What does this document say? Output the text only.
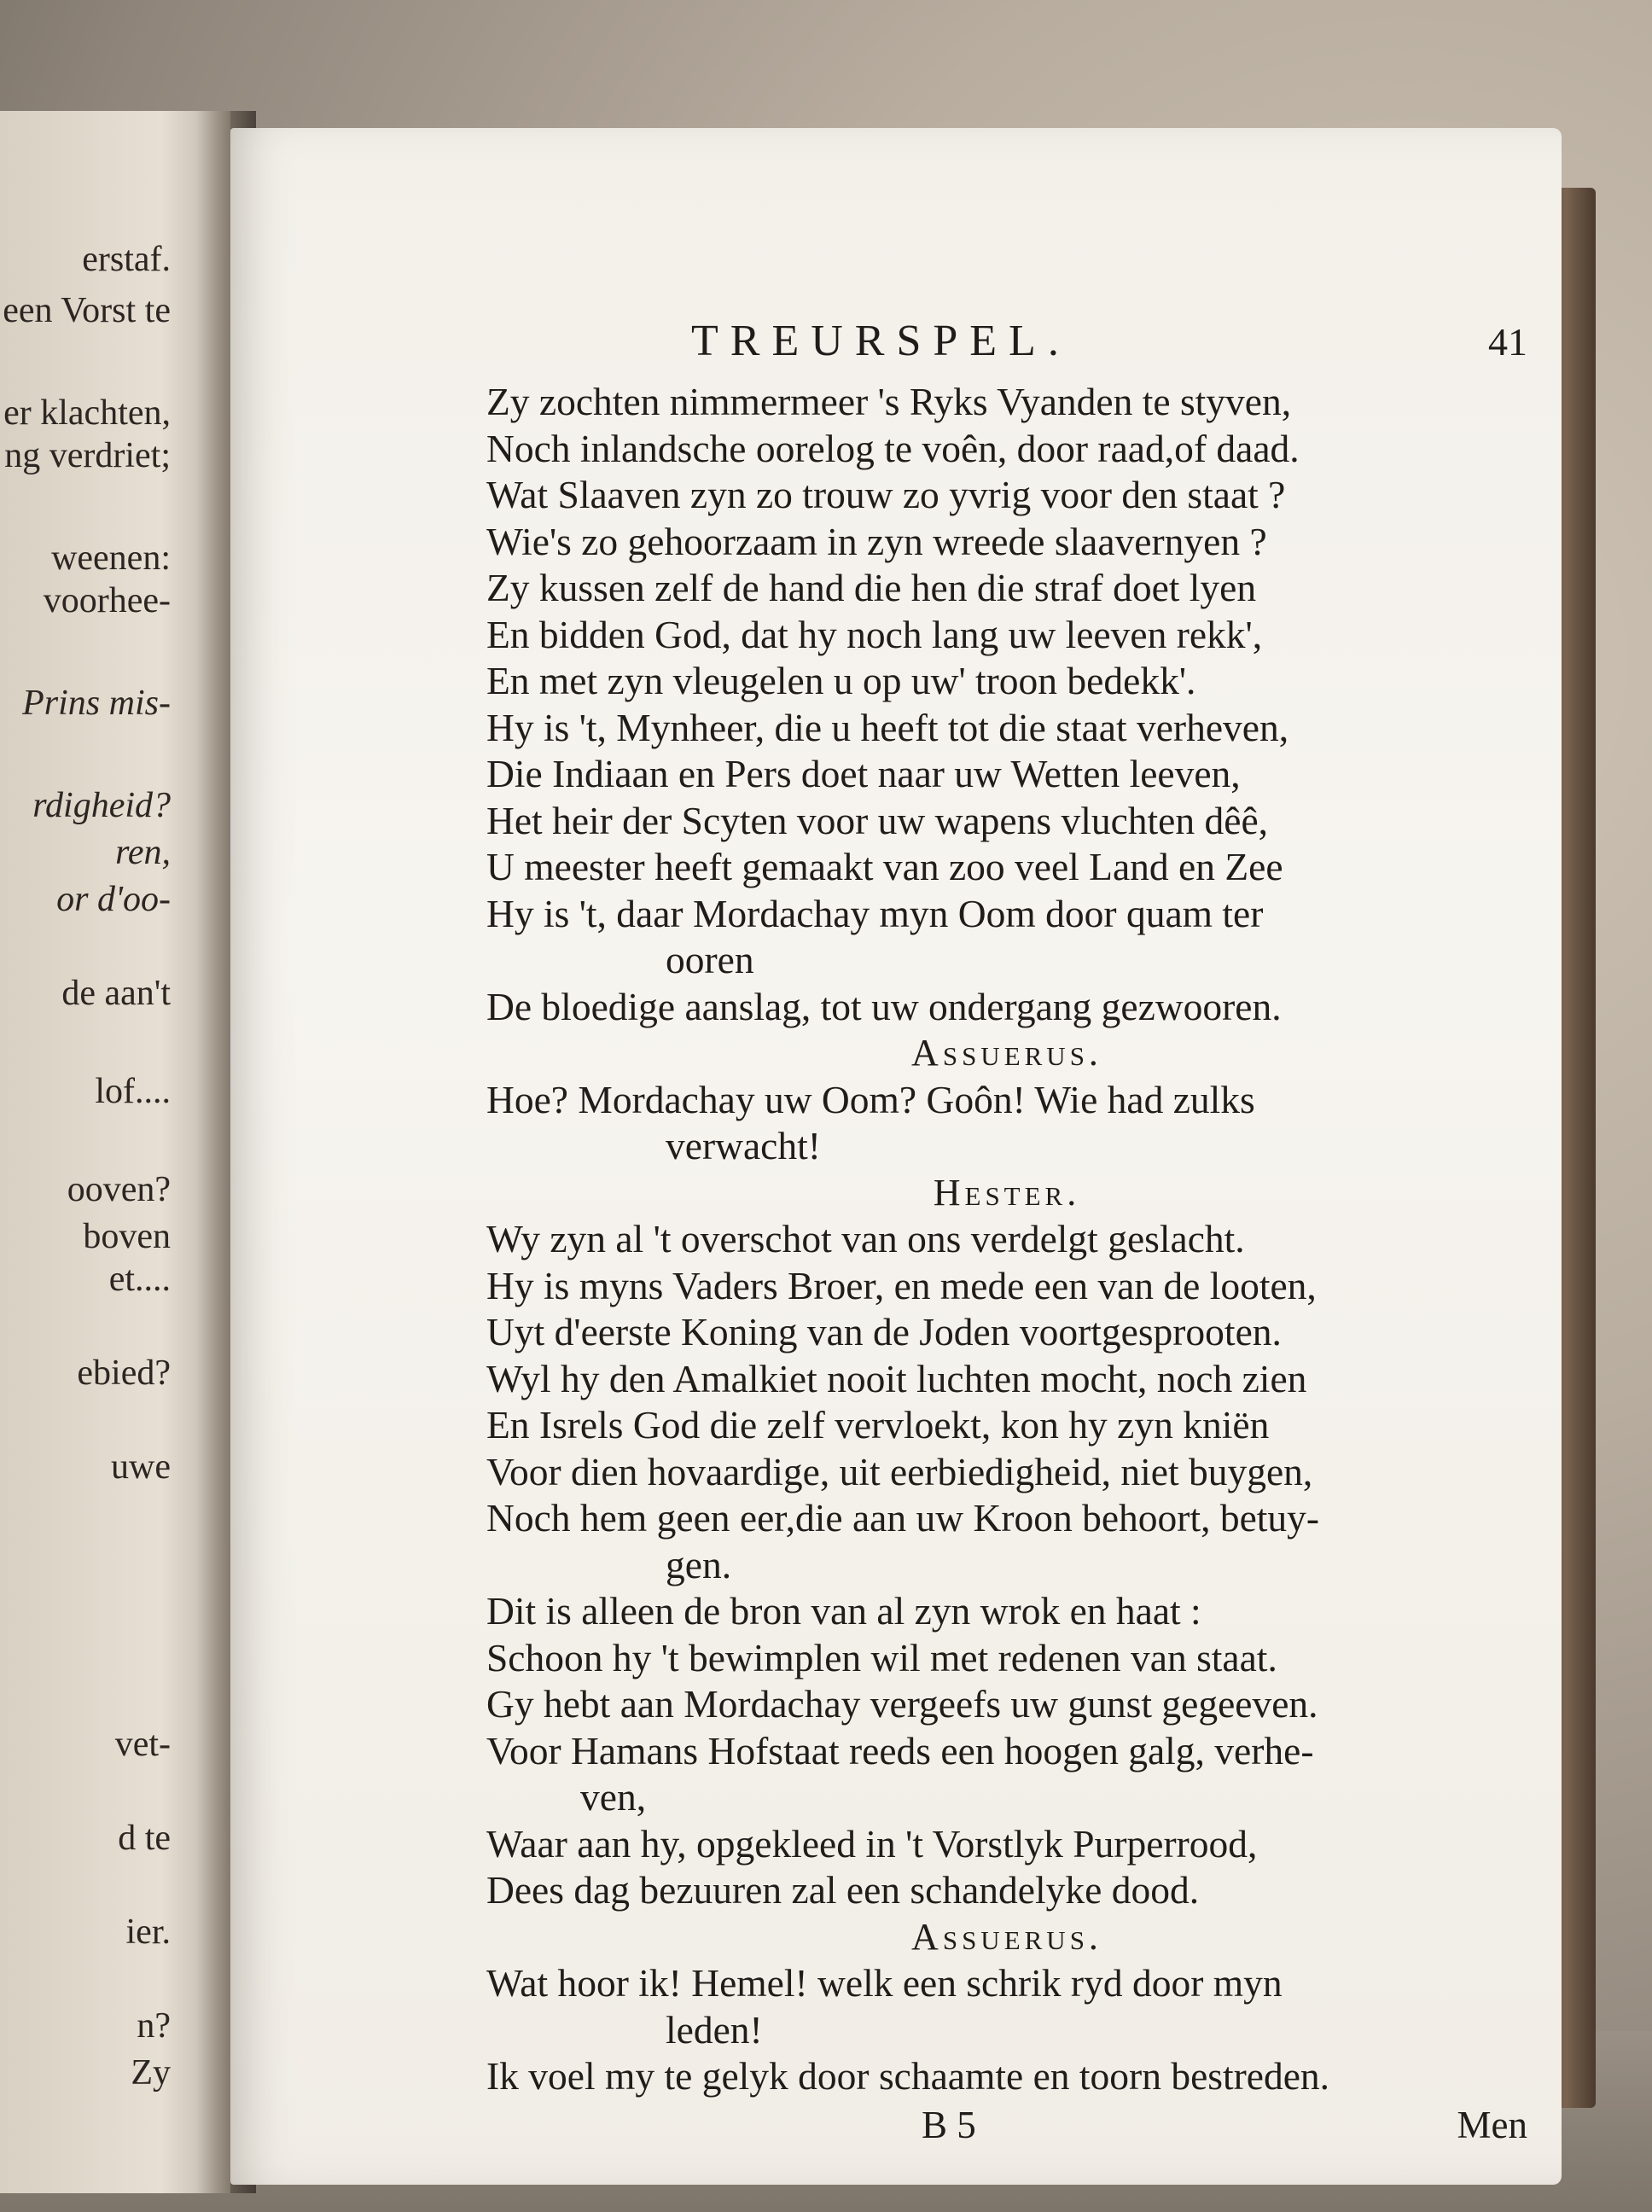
erstaf.
een Vorst te
er klachten,
ng verdriet;
weenen:
voorhee-
Prins mis-
rdigheid?
ren,
or d'oo-
de aan't
lof....
ooven?
boven
et....
ebied?
uwe
vet-
d te
ier.
n?
Zy
TREURSPEL.	41
Zy zochten nimmermeer 's Ryks Vyanden te styven,
Noch inlandsche oorelog te voên, door raad,of daad.
Wat Slaaven zyn zo trouw zo yvrig voor den staat ?
Wie's zo gehoorzaam in zyn wreede slaavernyen ?
Zy kussen zelf de hand die hen die straf doet lyen
En bidden God, dat hy noch lang uw leeven rekk',
En met zyn vleugelen u op uw' troon bedekk'.
Hy is 't, Mynheer, die u heeft tot die staat verheven,
Die Indiaan en Pers doet naar uw Wetten leeven,
Het heir der Scyten voor uw wapens vluchten dêê,
U meester heeft gemaakt van zoo veel Land en Zee
Hy is 't, daar Mordachay myn Oom door quam ter
ooren
De bloedige aanslag, tot uw ondergang gezwooren.
Assuerus.
Hoe? Mordachay uw Oom? Goôn! Wie had zulks
verwacht!
Hester.
Wy zyn al 't overschot van ons verdelgt geslacht.
Hy is myns Vaders Broer, en mede een van de looten,
Uyt d'eerste Koning van de Joden voortgesprooten.
Wyl hy den Amalkiet nooit luchten mocht, noch zien
En Isrels God die zelf vervloekt, kon hy zyn kniën
Voor dien hovaardige, uit eerbiedigheid, niet buygen,
Noch hem geen eer,die aan uw Kroon behoort, betuy-
gen.
Dit is alleen de bron van al zyn wrok en haat :
Schoon hy 't bewimplen wil met redenen van staat.
Gy hebt aan Mordachay vergeefs uw gunst gegeeven.
Voor Hamans Hofstaat reeds een hoogen galg, verhe-
ven,
Waar aan hy, opgekleed in 't Vorstlyk Purperrood,
Dees dag bezuuren zal een schandelyke dood.
Assuerus.
Wat hoor ik! Hemel! welk een schrik ryd door myn
leden!
Ik voel my te gelyk door schaamte en toorn bestreden.
B 5	Men
